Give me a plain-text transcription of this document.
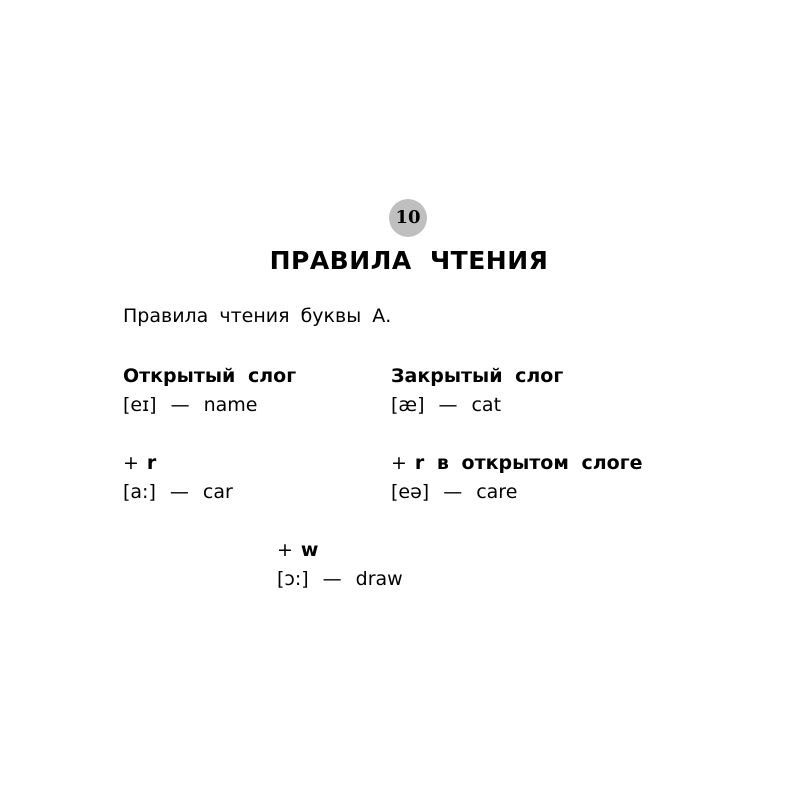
10
ПРАВИЛА ЧТЕНИЯ

Правила чтения буквы А.

Открытый слог
[eɪ] — name
Закрытый слог
[æ] — cat
+ r
[a:] — car
+ r в открытом слоге
[eə] — care
+ w
[ɔ:] — draw
